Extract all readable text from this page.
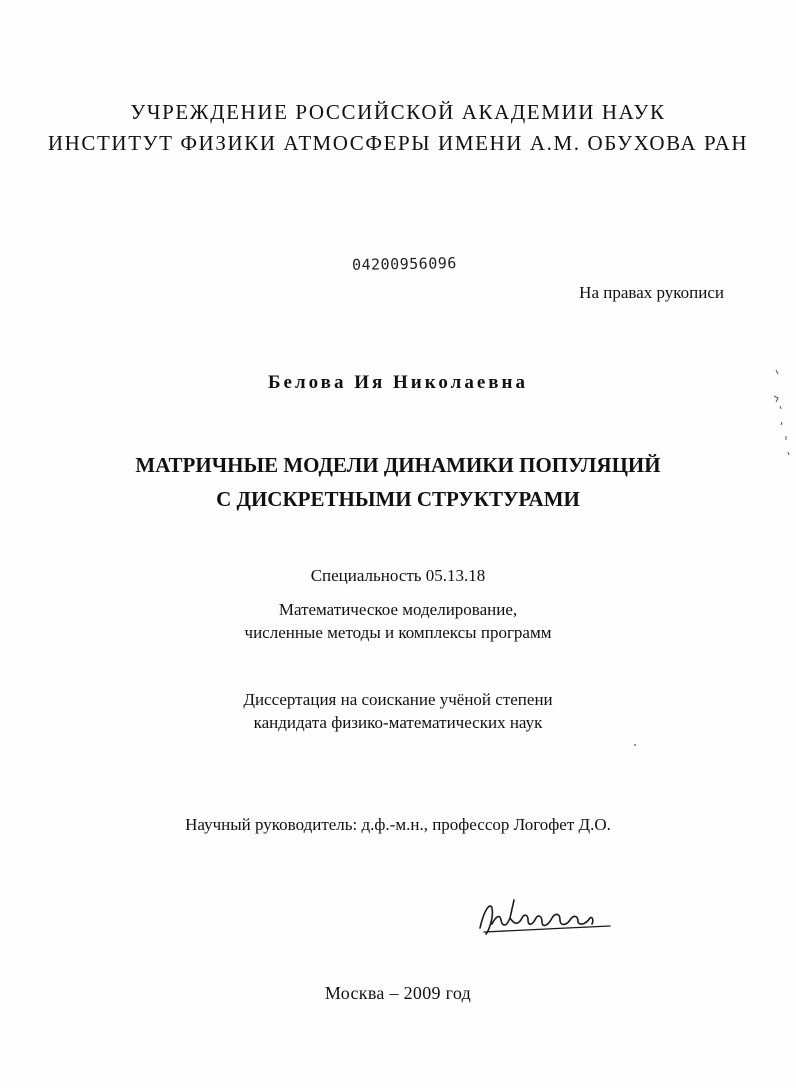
УЧРЕЖДЕНИЕ РОССИЙСКОЙ АКАДЕМИИ НАУК
ИНСТИТУТ ФИЗИКИ АТМОСФЕРЫ ИМЕНИ А.М. ОБУХОВА РАН
04200956096
На правах рукописи
Белова Ия Николаевна
МАТРИЧНЫЕ МОДЕЛИ ДИНАМИКИ ПОПУЛЯЦИЙ
С ДИСКРЕТНЫМИ СТРУКТУРАМИ
Специальность 05.13.18
Математическое моделирование,
численные методы и комплексы программ
Диссертация на соискание учёной степени
кандидата физико-математических наук
Научный руководитель: д.ф.-м.н., профессор Логофет Д.О.
Москва – 2009 год
